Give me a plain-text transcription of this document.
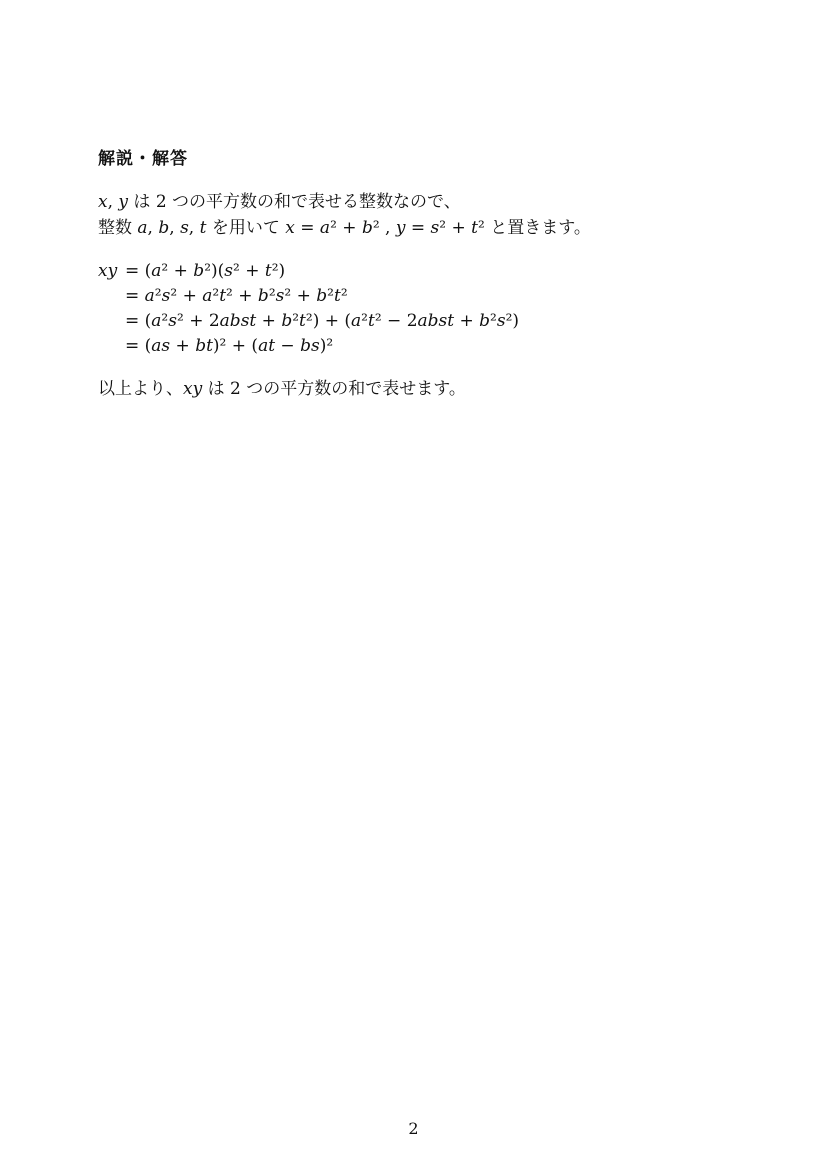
解説・解答
x, y は 2 つの平方数の和で表せる整数なので、
整数 a, b, s, t を用いて x = a² + b² , y = s² + t² と置きます。
xy = (a² + b²)(s² + t²)
= a²s² + a²t² + b²s² + b²t²
= (a²s² + 2abst + b²t²) + (a²t² − 2abst + b²s²)
= (as + bt)² + (at − bs)²
以上より、xy は 2 つの平方数の和で表せます。
2
